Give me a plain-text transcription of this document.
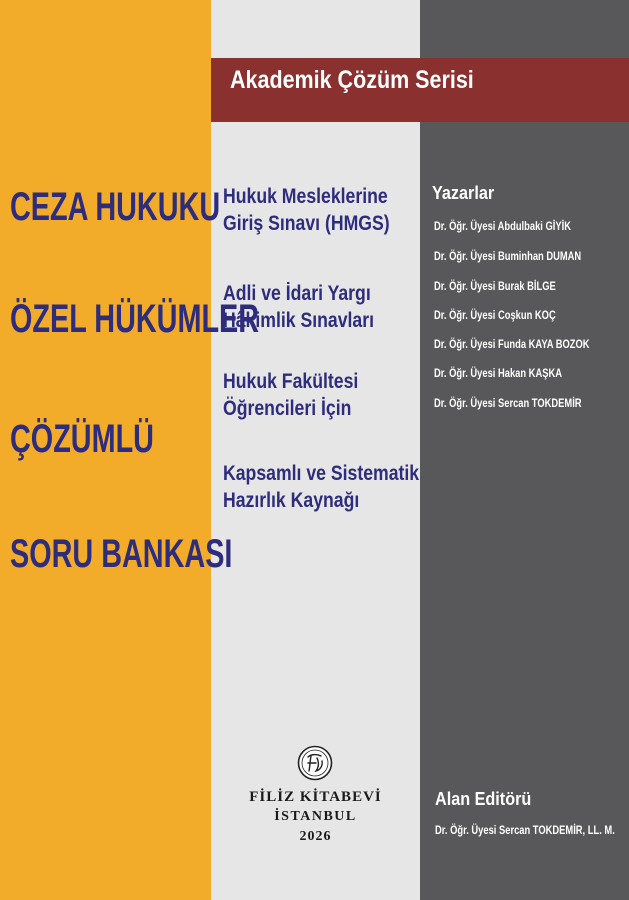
Akademik Çözüm Serisi
CEZA HUKUKU
ÖZEL HÜKÜMLER
ÇÖZÜMLÜ
SORU BANKASI
Hukuk Mesleklerine
Giriş Sınavı (HMGS)
Adli ve İdari Yargı
Hâkimlik Sınavları
Hukuk Fakültesi
Öğrencileri İçin
Kapsamlı ve Sistematik
Hazırlık Kaynağı
Yazarlar
Dr. Öğr. Üyesi Abdulbaki GİYİK
Dr. Öğr. Üyesi Buminhan DUMAN
Dr. Öğr. Üyesi Burak BİLGE
Dr. Öğr. Üyesi Coşkun KOÇ
Dr. Öğr. Üyesi Funda KAYA BOZOK
Dr. Öğr. Üyesi Hakan KAŞKA
Dr. Öğr. Üyesi Sercan TOKDEMİR
FİLİZ KİTABEVİ
İSTANBUL
2026
Alan Editörü
Dr. Öğr. Üyesi Sercan TOKDEMİR, LL. M.
